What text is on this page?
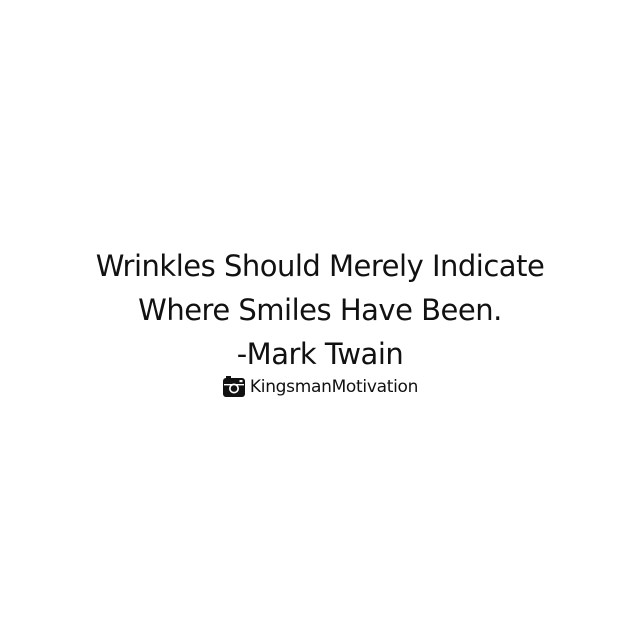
Wrinkles Should Merely Indicate
Where Smiles Have Been.
-Mark Twain
KingsmanMotivation
